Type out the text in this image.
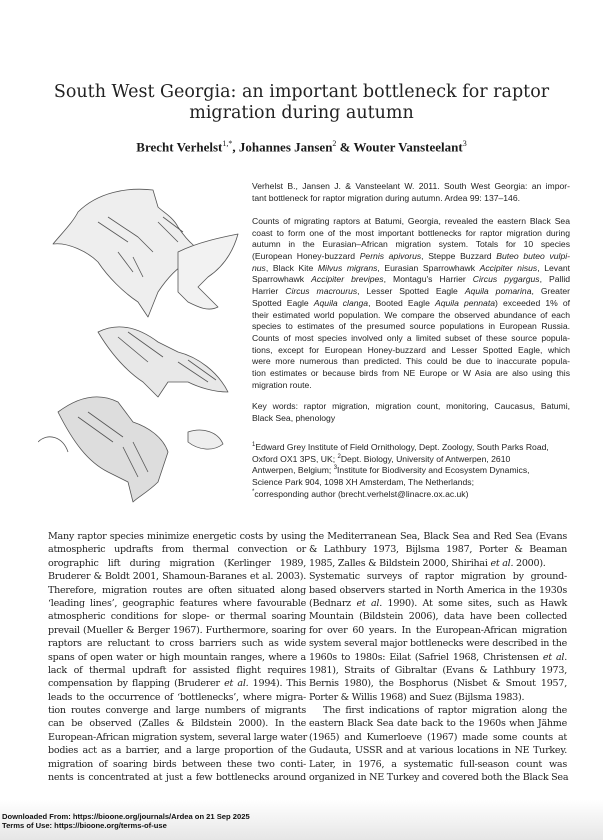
South West Georgia: an important bottleneck for raptor
migration during autumn
Brecht Verhelst$^{1,*}$, Johannes Jansen$^2$ & Wouter Vansteelant$^3$
Verhelst B., Jansen J. & Vansteelant W. 2011. South West Georgia: an impor-
tant bottleneck for raptor migration during autumn. Ardea 99: 137–146.
Counts of migrating raptors at Batumi, Georgia, revealed the eastern Black Sea
coast to form one of the most important bottlenecks for raptor migration during
autumn in the Eurasian–African migration system. Totals for 10 species
(European Honey-buzzard Pernis apivorus, Steppe Buzzard Buteo buteo vulpi-
nus, Black Kite Milvus migrans, Eurasian Sparrowhawk Accipiter nisus, Levant
Sparrowhawk Accipiter brevipes, Montagu's Harrier Circus pygargus, Pallid
Harrier Circus macrourus, Lesser Spotted Eagle Aquila pomarina, Greater
Spotted Eagle Aquila clanga, Booted Eagle Aquila pennata) exceeded 1% of
their estimated world population. We compare the observed abundance of each
species to estimates of the presumed source populations in European Russia.
Counts of most species involved only a limited subset of these source popula-
tions, except for European Honey-buzzard and Lesser Spotted Eagle, which
were more numerous than predicted. This could be due to inaccurate popula-
tion estimates or because birds from NE Europe or W Asia are also using this
migration route.
Key words: raptor migration, migration count, monitoring, Caucasus, Batumi,
Black Sea, phenology
$^1$Edward Grey Institute of Field Ornithology, Dept. Zoology, South Parks Road,
Oxford OX1 3PS, UK; $^2$Dept. Biology, University of Antwerpen, 2610
Antwerpen, Belgium; $^3$Institute for Biodiversity and Ecosystem Dynamics,
Science Park 904, 1098 XH Amsterdam, The Netherlands;
*corresponding author (brecht.verhelst@linacre.ox.ac.uk)
Many raptor species minimize energetic costs by using
atmospheric updrafts from thermal convection or
orographic lift during migration (Kerlinger 1989,
Bruderer & Boldt 2001, Shamoun-Baranes et al. 2003).
Therefore, migration routes are often situated along
‘leading lines’, geographic features where favourable
atmospheric conditions for slope- or thermal soaring
prevail (Mueller & Berger 1967). Furthermore, soaring
raptors are reluctant to cross barriers such as wide
spans of open water or high mountain ranges, where a
lack of thermal updraft for assisted flight requires
compensation by flapping (Bruderer et al. 1994). This
leads to the occurrence of ‘bottlenecks’, where migra-
tion routes converge and large numbers of migrants
can be observed (Zalles & Bildstein 2000). In the
European-African migration system, several large water
bodies act as a barrier, and a large proportion of the
migration of soaring birds between these two conti-
nents is concentrated at just a few bottlenecks around
the Mediterranean Sea, Black Sea and Red Sea (Evans
& Lathbury 1973, Bijlsma 1987, Porter & Beaman
1985, Zalles & Bildstein 2000, Shirihai et al. 2000).
Systematic surveys of raptor migration by ground-
based observers started in North America in the 1930s
(Bednarz et al. 1990). At some sites, such as Hawk
Mountain (Bildstein 2006), data have been collected
for over 60 years. In the European-African migration
system several major bottlenecks were described in the
1960s to 1980s: Eilat (Safriel 1968, Christensen et al.
1981), Straits of Gibraltar (Evans & Lathbury 1973,
Bernis 1980), the Bosphorus (Nisbet & Smout 1957,
Porter & Willis 1968) and Suez (Bijlsma 1983).
The first indications of raptor migration along the
eastern Black Sea date back to the 1960s when Jähme
(1965) and Kumerloeve (1967) made some counts at
Gudauta, USSR and at various locations in NE Turkey.
Later, in 1976, a systematic full-season count was
organized in NE Turkey and covered both the Black Sea
Downloaded From: https://bioone.org/journals/Ardea on 21 Sep 2025
Terms of Use: https://bioone.org/terms-of-use
